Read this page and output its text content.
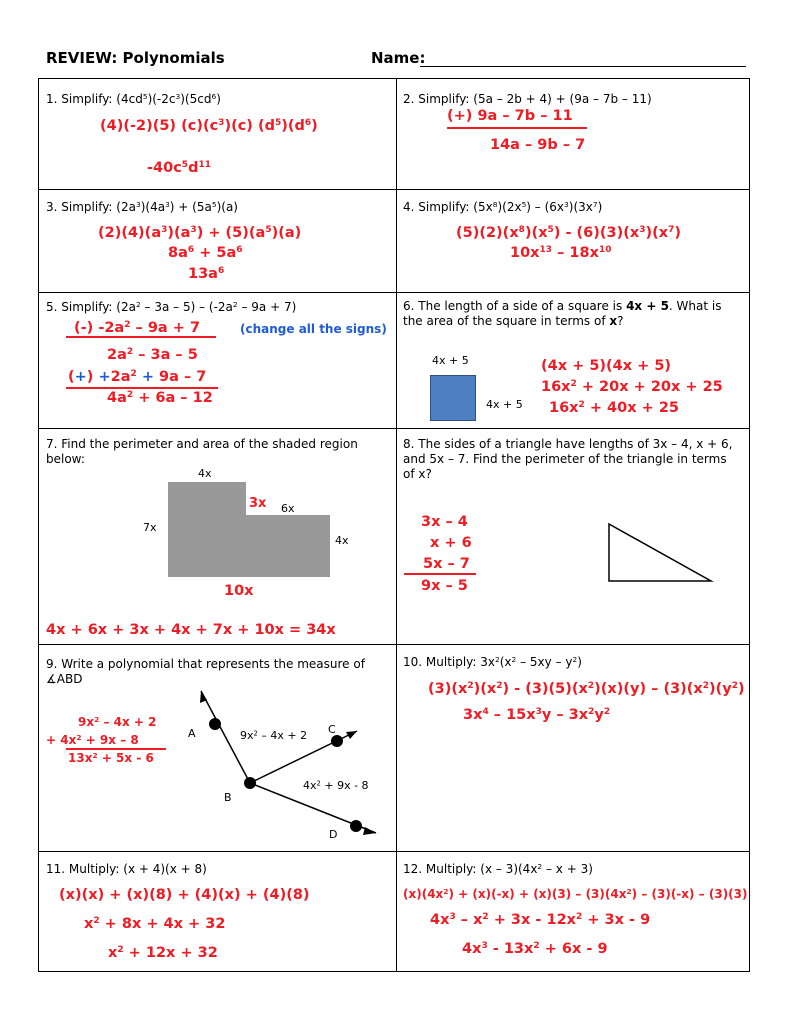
REVIEW: Polynomials	Name:
1. Simplify: $(4cd^5)(-2c^3)(5cd^6)$
(4)(-2)(5) $(c)(c^3)(c)$ $(d^5)(d^6)$
$-40c^5d^{11}$
2. Simplify: (5a – 2b + 4) + (9a – 7b – 11)
(+) 9a – 7b – 11
14a – 9b – 7
3. Simplify: $(2a^3)(4a^3) + (5a^5)(a)$
$(2)(4)(a^3)(a^3) + (5)(a^5)(a)$
$8a^6 + 5a^6$
$13a^6$
4. Simplify: $(5x^8)(2x^5) - (6x^3)(3x^7)$
$(5)(2)(x^8)(x^5) - (6)(3)(x^3)(x^7)$
$10x^{13} - 18x^{10}$
5. Simplify: $(2a^2 - 3a - 5) - (-2a^2 - 9a + 7)$
(-) $-2a^2 - 9a + 7$	(change all the signs)
$2a^2 - 3a - 5$
(+) $+2a^2 + 9a - 7$
$4a^2 + 6a - 12$
6. The length of a side of a square is 4x + 5. What is the area of the square in terms of x?
4x + 5
4x + 5
(4x + 5)(4x + 5)
$16x^2 + 20x + 20x + 25$
$16x^2 + 40x + 25$
7. Find the perimeter and area of the shaded region below:
4x
3x 6x
7x
4x
10x
4x + 6x + 3x + 4x + 7x + 10x = 34x
8. The sides of a triangle have lengths of 3x – 4, x + 6, and 5x – 7. Find the perimeter of the triangle in terms of x?
3x – 4
x + 6
5x – 7
9x – 5
9. Write a polynomial that represents the measure of ∡ABD
$9x^2 - 4x + 2$
+ $4x^2 + 9x - 8$
$13x^2 + 5x - 6$
A
B
C
D
$9x^2 - 4x + 2$
$4x^2 + 9x - 8$
10. Multiply: $3x^2(x^2 - 5xy - y^2)$
$(3)(x^2)(x^2) - (3)(5)(x^2)(x)(y) - (3)(x^2)(y^2)$
$3x^4 - 15x^3y - 3x^2y^2$
11. Multiply: (x + 4)(x + 8)
(x)(x) + (x)(8) + (4)(x) + (4)(8)
$x^2 + 8x + 4x + 32$
$x^2 + 12x + 32$
12. Multiply: $(x - 3)(4x^2 - x + 3)$
$(x)(4x^2) + (x)(-x) + (x)(3) - (3)(4x^2) - (3)(-x) - (3)(3)$
$4x^3 - x^2 + 3x - 12x^2 + 3x - 9$
$4x^3 - 13x^2 + 6x - 9$
